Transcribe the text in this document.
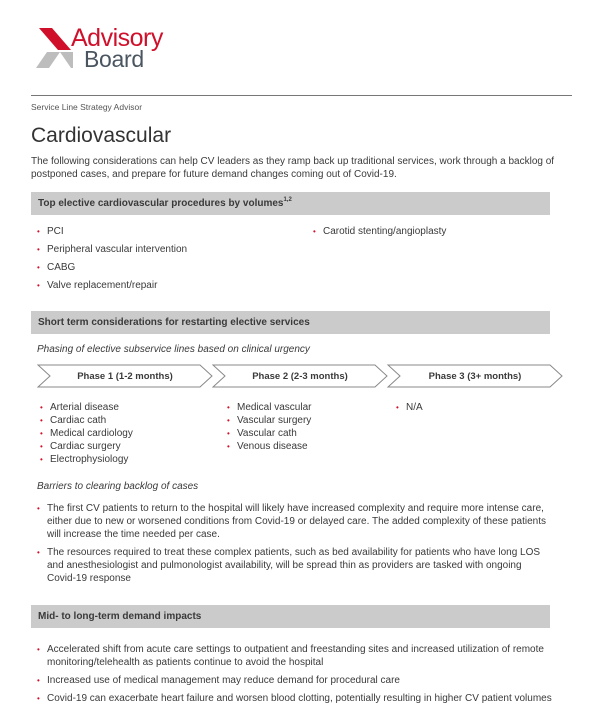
Advisory
Board
Service Line Strategy Advisor
Cardiovascular

The following considerations can help CV leaders as they ramp back up traditional services, work through a backlog of postponed cases, and prepare for future demand changes coming out of Covid-19.

Top elective cardiovascular procedures by volumes$^{1,2}$
• PCI
• Peripheral vascular intervention
• CABG
• Valve replacement/repair
• Carotid stenting/angioplasty
Short term considerations for restarting elective services
Phasing of elective subservice lines based on clinical urgency
Phase 1 (1-2 months)	Phase 2 (2-3 months)	Phase 3 (3+ months)
• Arterial disease
• Cardiac cath
• Medical cardiology
• Cardiac surgery
• Electrophysiology
• Medical vascular
• Vascular surgery
• Vascular cath
• Venous disease
• N/A
Barriers to clearing backlog of cases
• The first CV patients to return to the hospital will likely have increased complexity and require more intense care, either due to new or worsened conditions from Covid-19 or delayed care. The added complexity of these patients will increase the time needed per case.
• The resources required to treat these complex patients, such as bed availability for patients who have long LOS and anesthesiologist and pulmonologist availability, will be spread thin as providers are tasked with ongoing Covid-19 response
Mid- to long-term demand impacts
• Accelerated shift from acute care settings to outpatient and freestanding sites and increased utilization of remote monitoring/telehealth as patients continue to avoid the hospital
• Increased use of medical management may reduce demand for procedural care
• Covid-19 can exacerbate heart failure and worsen blood clotting, potentially resulting in higher CV patient volumes
